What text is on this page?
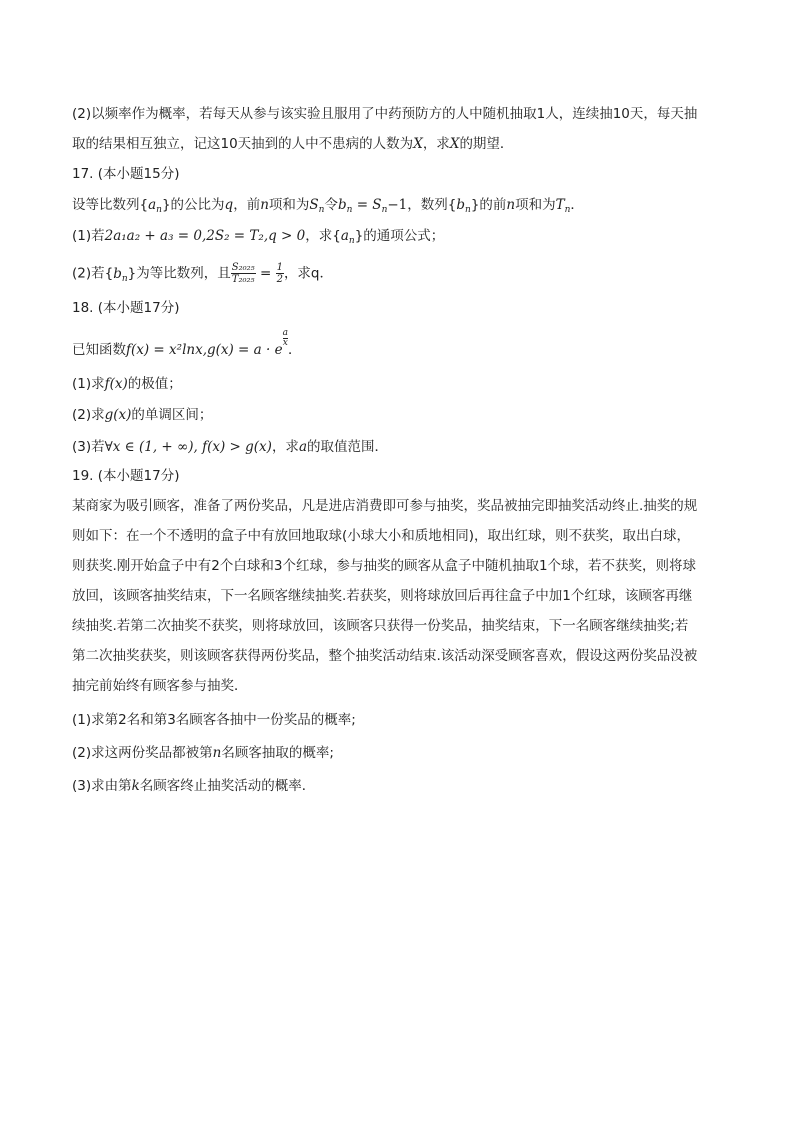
(2)以频率作为概率，若每天从参与该实验且服用了中药预防方的人中随机抽取1人，连续抽10天，每天抽
取的结果相互独立，记这10天抽到的人中不患病的人数为X，求X的期望．
17. (本小题15分)
设等比数列$\{a_n\}$的公比为q，前n项和为$S_n$令$b_n = S_n-1$，数列$\{b_n\}$的前n项和为$T_n$．
(1)若2a₁a₂ + a₃ = 0,2S₂ = T₂,q > 0，求$\{a_n\}$的通项公式；
(2)若$\{b_n\}$为等比数列，且 $\frac{\text{S₂₀₂₅}}{\text{T₂₀₂₅}} = \frac{1}{2}$ ，求q．
18. (本小题17分)
已知函数f(x) = x²lnx,g(x) = a · e
$\frac{a}{x}$．
(1)求f(x)的极值；
(2)求g(x)的单调区间；
(3)若∀x ∈ (1, + ∞), f(x) > g(x)，求a的取值范围．
19. (本小题17分)
某商家为吸引顾客，准备了两份奖品，凡是进店消费即可参与抽奖，奖品被抽完即抽奖活动终止.抽奖的规
则如下：在一个不透明的盒子中有放回地取球(小球大小和质地相同)，取出红球，则不获奖，取出白球，
则获奖.刚开始盒子中有2个白球和3个红球，参与抽奖的顾客从盒子中随机抽取1个球，若不获奖，则将球
放回，该顾客抽奖结束，下一名顾客继续抽奖.若获奖，则将球放回后再往盒子中加1个红球，该顾客再继
续抽奖.若第二次抽奖不获奖，则将球放回，该顾客只获得一份奖品，抽奖结束，下一名顾客继续抽奖;若
第二次抽奖获奖，则该顾客获得两份奖品，整个抽奖活动结束.该活动深受顾客喜欢，假设这两份奖品没被
抽完前始终有顾客参与抽奖．
(1)求第2名和第3名顾客各抽中一份奖品的概率;
(2)求这两份奖品都被第n名顾客抽取的概率;
(3)求由第k名顾客终止抽奖活动的概率．
